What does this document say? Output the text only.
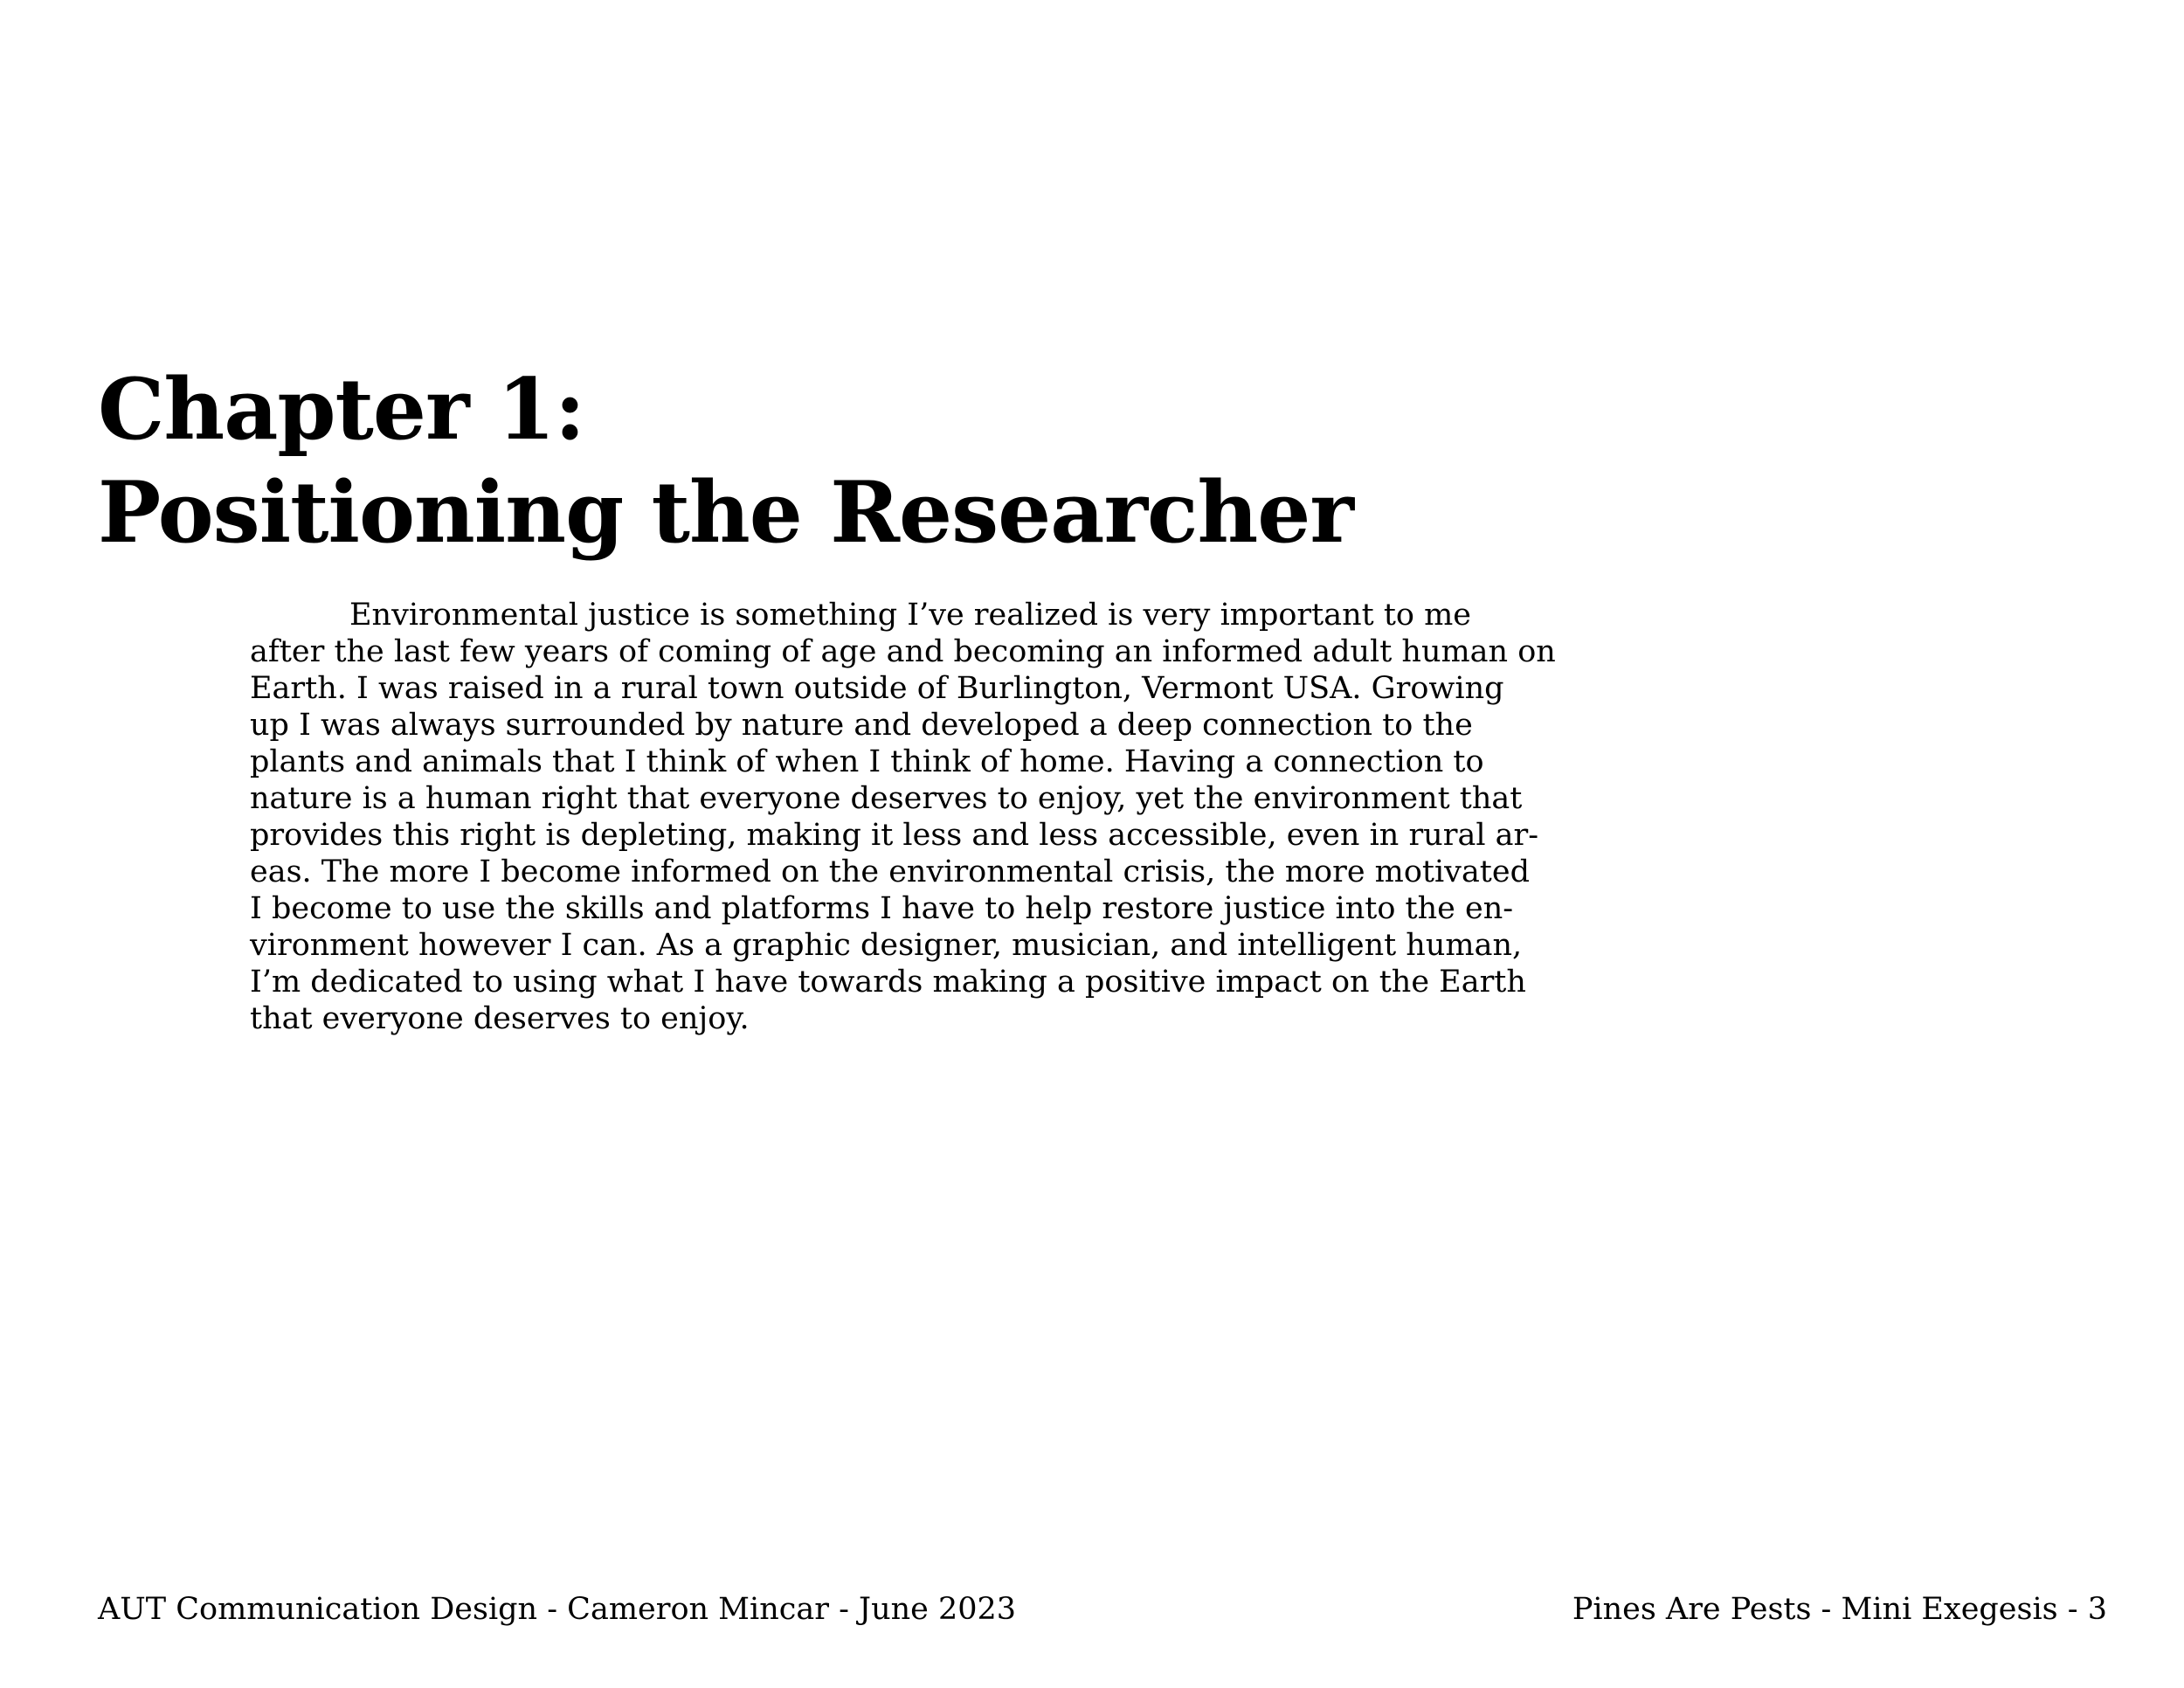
Chapter 1:
Positioning the Researcher

Environmental justice is something I’ve realized is very important to me
after the last few years of coming of age and becoming an informed adult human on
Earth. I was raised in a rural town outside of Burlington, Vermont USA. Growing
up I was always surrounded by nature and developed a deep connection to the
plants and animals that I think of when I think of home. Having a connection to
nature is a human right that everyone deserves to enjoy, yet the environment that
provides this right is depleting, making it less and less accessible, even in rural ar-
eas. The more I become informed on the environmental crisis, the more motivated
I become to use the skills and platforms I have to help restore justice into the en-
vironment however I can. As a graphic designer, musician, and intelligent human,
I’m dedicated to using what I have towards making a positive impact on the Earth
that everyone deserves to enjoy.

AUT Communication Design - Cameron Mincar - June 2023	Pines Are Pests - Mini Exegesis - 3
